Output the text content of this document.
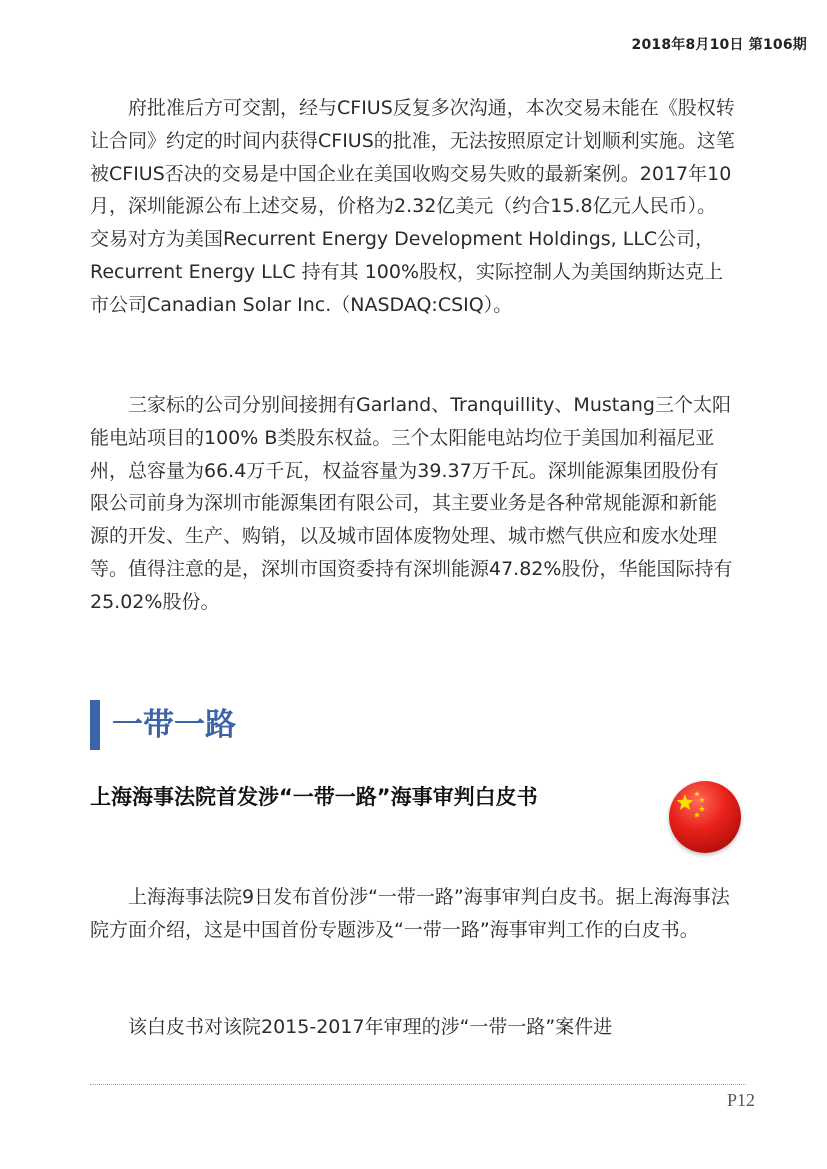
2018年8月10日 第106期

　　府批准后方可交割，经与CFIUS反复多次沟通，本次交易未能在《股权转让合同》约定的时间内获得CFIUS的批准，无法按照原定计划顺利实施。这笔被CFIUS否决的交易是中国企业在美国收购交易失败的最新案例。2017年10月，深圳能源公布上述交易，价格为2.32亿美元（约合15.8亿元人民币）。交易对方为美国Recurrent Energy Development Holdings, LLC公司，Recurrent Energy LLC 持有其 100%股权，实际控制人为美国纳斯达克上市公司Canadian Solar Inc.（NASDAQ:CSIQ）。

　　三家标的公司分别间接拥有Garland、Tranquillity、Mustang三个太阳能电站项目的100% B类股东权益。三个太阳能电站均位于美国加利福尼亚州，总容量为66.4万千瓦，权益容量为39.37万千瓦。深圳能源集团股份有限公司前身为深圳市能源集团有限公司，其主要业务是各种常规能源和新能源的开发、生产、购销，以及城市固体废物处理、城市燃气供应和废水处理等。值得注意的是，深圳市国资委持有深圳能源47.82%股份，华能国际持有25.02%股份。

一带一路
上海海事法院首发涉“一带一路”海事审判白皮书

　　上海海事法院9日发布首份涉“一带一路”海事审判白皮书。据上海海事法院方面介绍，这是中国首份专题涉及“一带一路”海事审判工作的白皮书。

　　该白皮书对该院2015-2017年审理的涉“一带一路”案件进

P12
